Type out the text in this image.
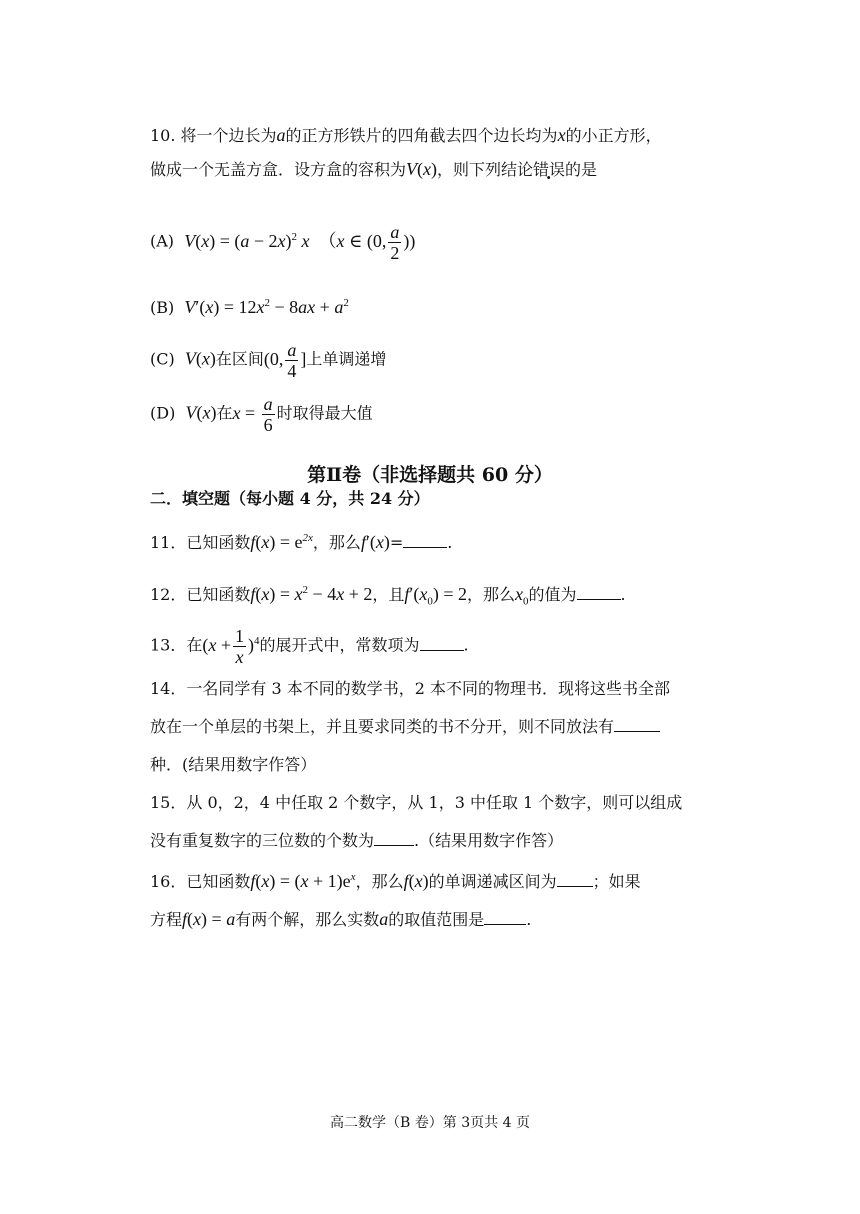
10. 将一个边长为a的正方形铁片的四角截去四个边长均为x的小正方形，
做成一个无盖方盒．设方盒的容积为V(x)，则下列结论错误的是
(A) $V(x) = (a - 2x)^2$ x  （x ∈ (0, $\frac{a}{2}$ ))
(B) $V'(x) = 12x^2 - 8ax + a^2$
(C) V(x)在区间(0, $\frac{a}{4}$ ]上单调递增
(D) V(x)在$x = \frac{a}{6}$ 时取得最大值
第Ⅱ卷（非选择题共 60 分）
二．填空题（每小题 4 分，共 24 分）
11．已知函数$f(x) = e^{2x}$，那么f′(x)=	.
12．已知函数$f(x) = x^2 - 4x + 2$，且$f'(x_0) = 2$，那么$x_0$的值为	.
13．在$(x + \frac{1}{x} )^4$的展开式中，常数项为	.
14．一名同学有 3 本不同的数学书，2 本不同的物理书．现将这些书全部
放在一个单层的书架上，并且要求同类的书不分开，则不同放法有
种．(结果用数字作答）
15．从 0，2，4 中任取 2 个数字，从 1，3 中任取 1 个数字，则可以组成
没有重复数字的三位数的个数为	.（结果用数字作答）
16．已知函数$f(x) = (x + 1)e^x$，那么f(x)的单调递减区间为 ；如果
方程f(x) = a有两个解，那么实数a的取值范围是	.
高二数学（B 卷）第 3页共 4 页
